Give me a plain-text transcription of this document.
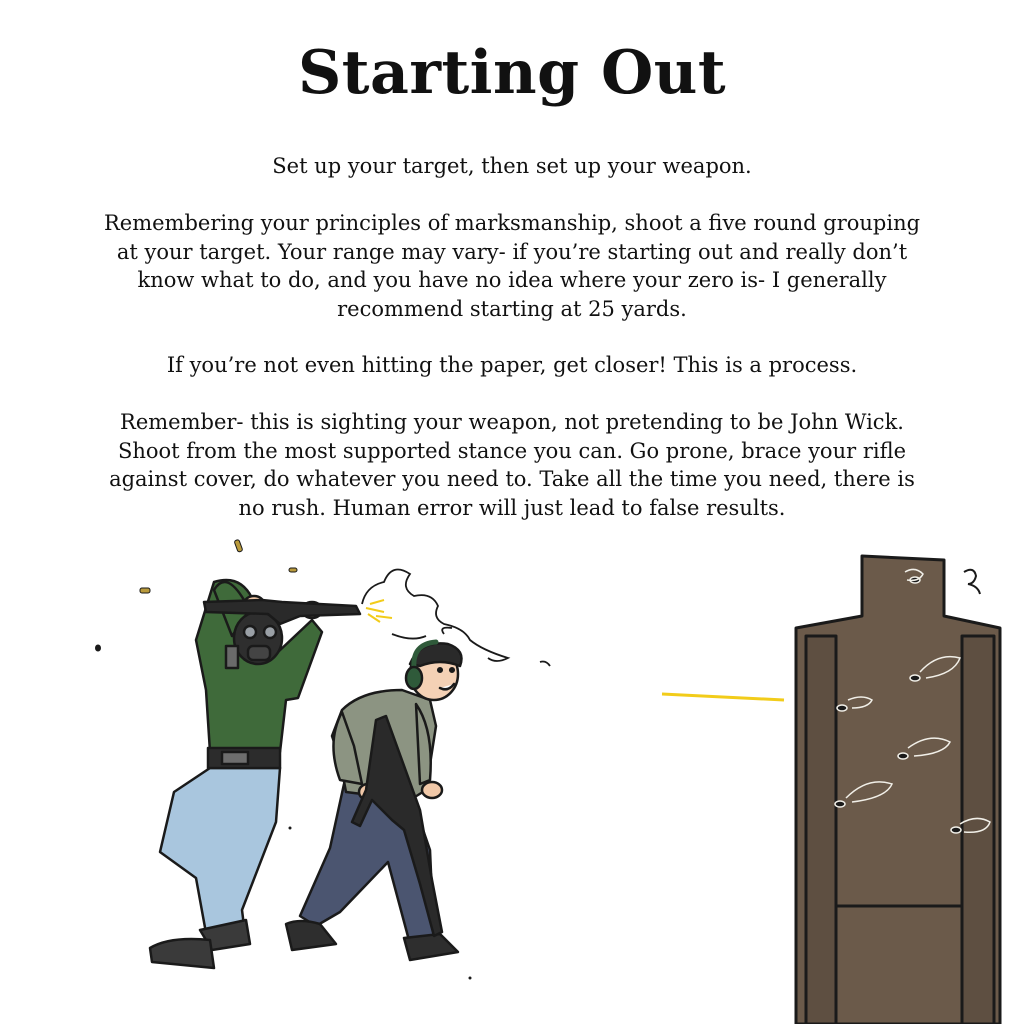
Starting Out

Set up your target, then set up your weapon.

Remembering your principles of marksmanship, shoot a five round grouping at your target. Your range may vary- if you’re starting out and really don’t know what to do, and you have no idea where your zero is- I generally recommend starting at 25 yards.

If you’re not even hitting the paper, get closer! This is a process.

Remember- this is sighting your weapon, not pretending to be John Wick. Shoot from the most supported stance you can. Go prone, brace your rifle against cover, do whatever you need to. Take all the time you need, there is no rush. Human error will just lead to false results.
